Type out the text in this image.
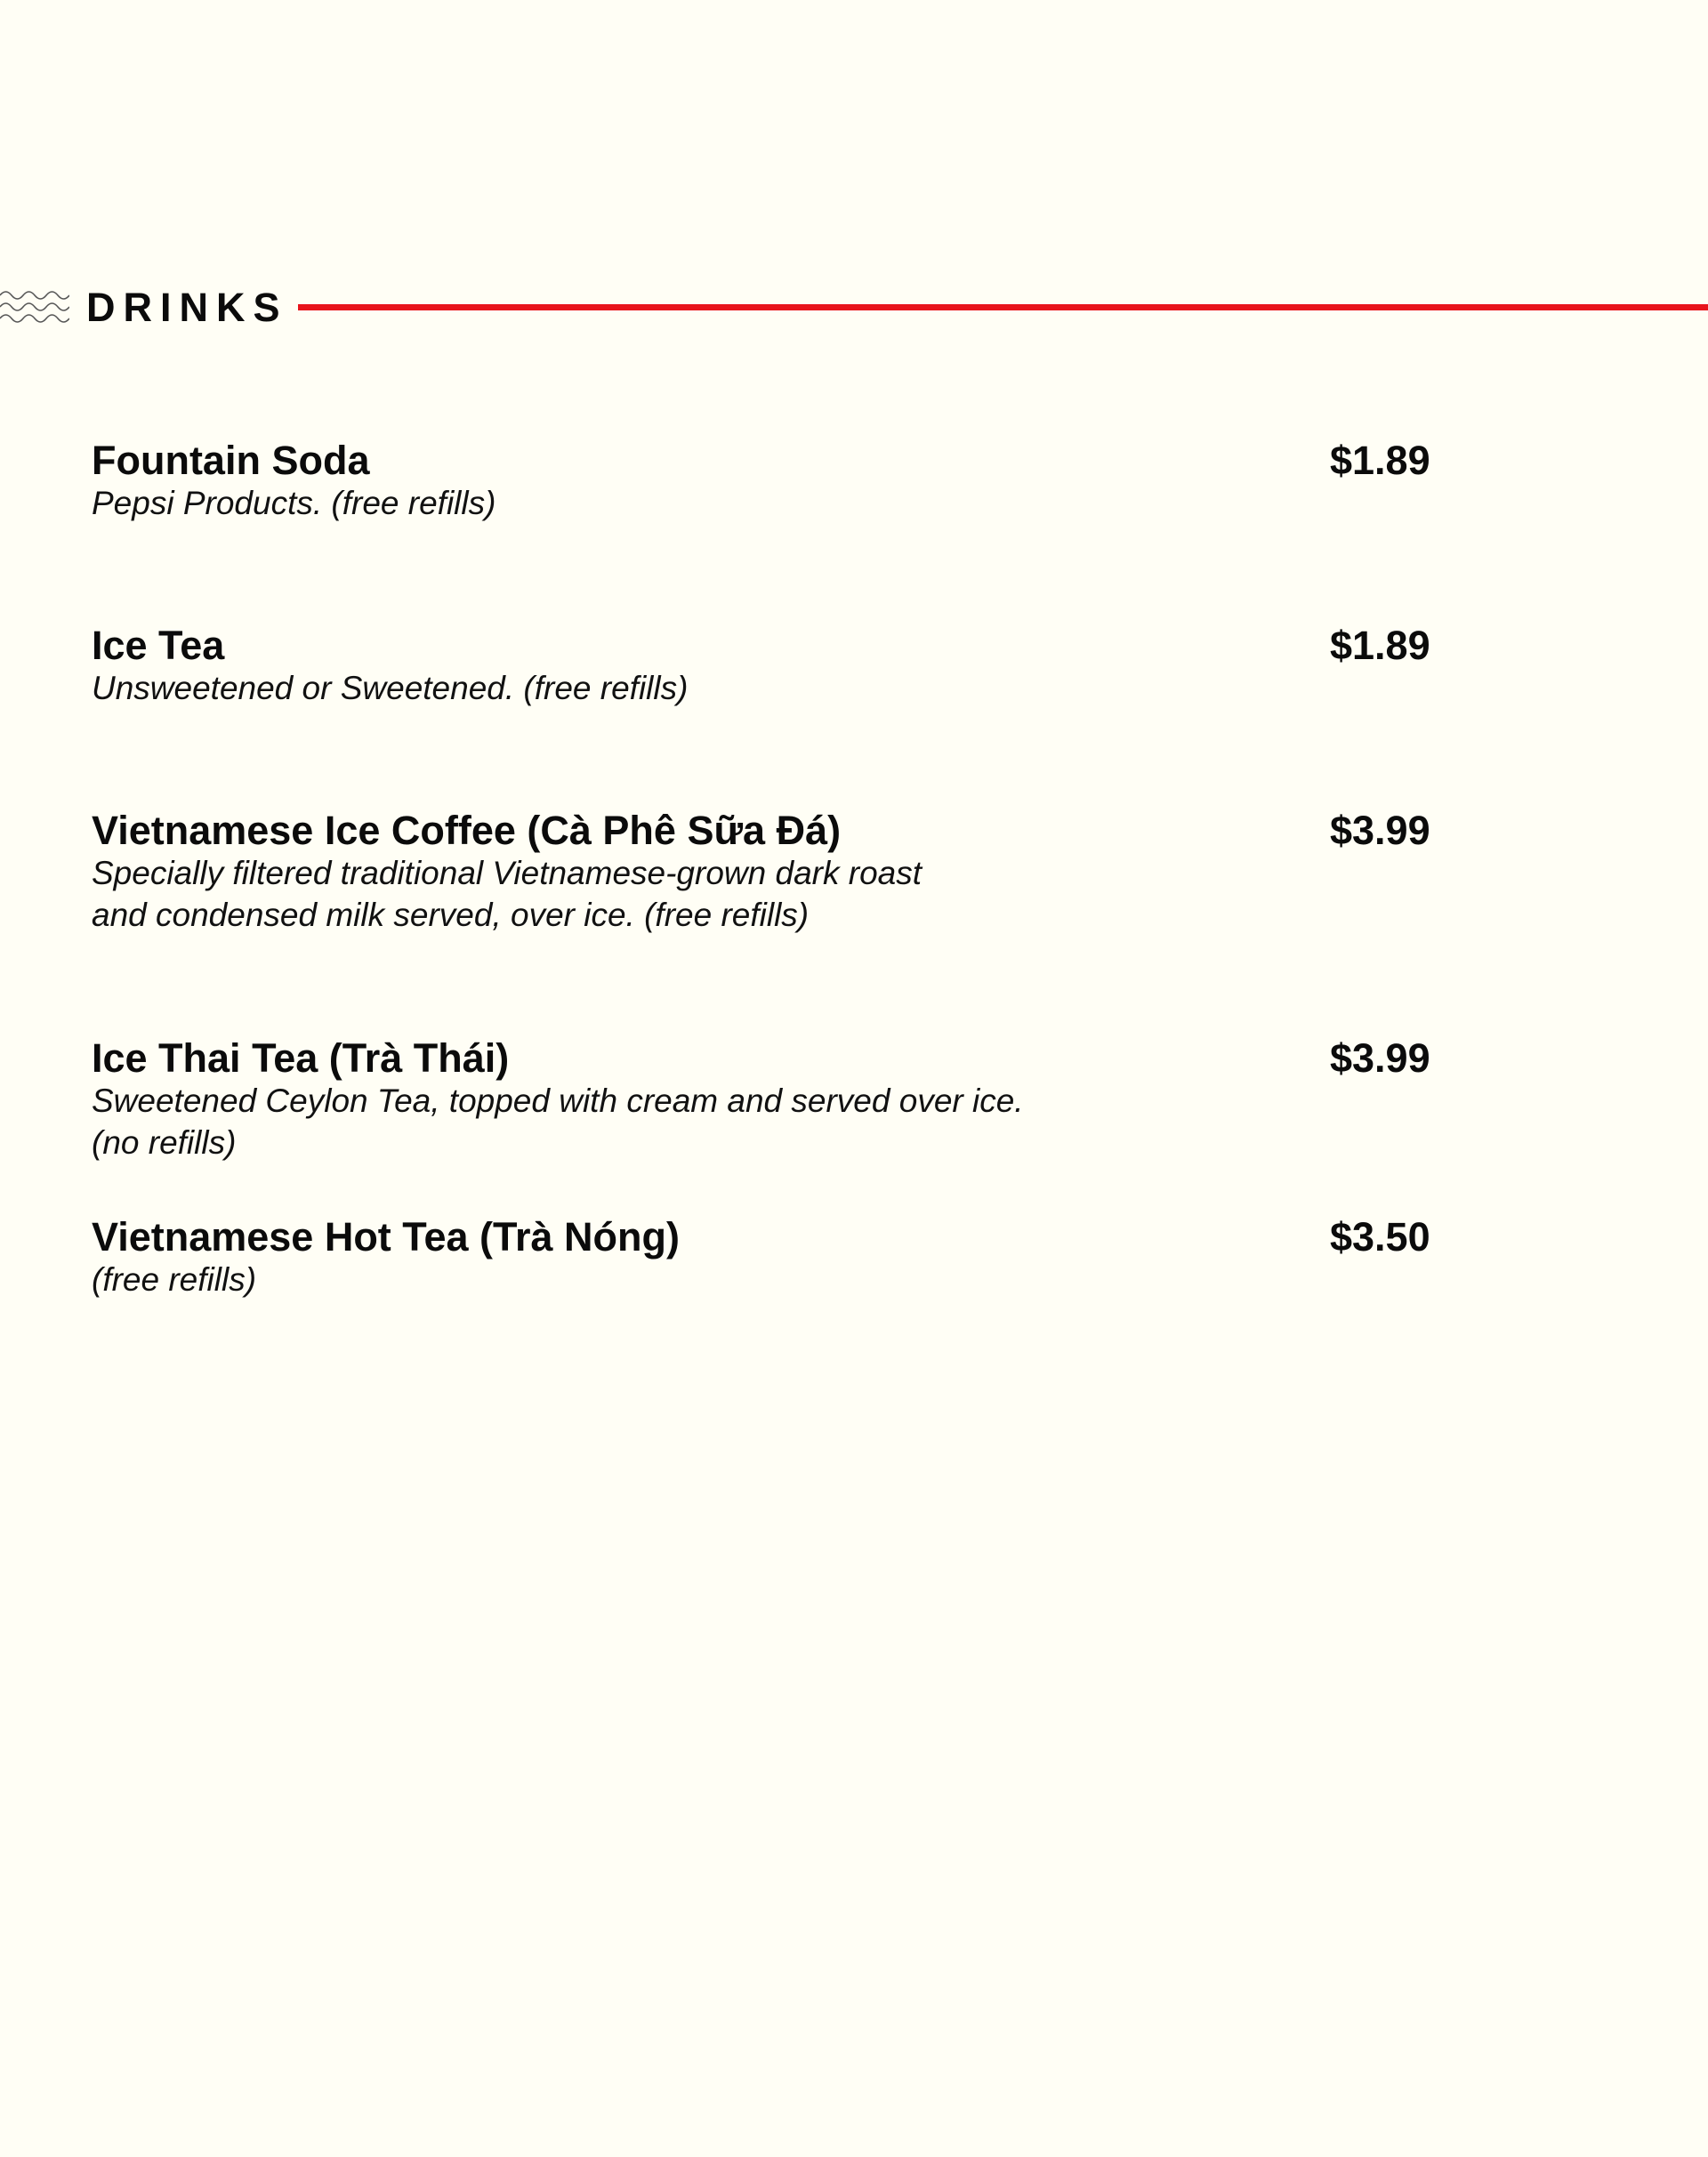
DRINKS
Fountain Soda	$1.89
Pepsi Products. (free refills)
Ice Tea	$1.89
Unsweetened or Sweetened. (free refills)
Vietnamese Ice Coffee (Cà Phê Sữa Đá)	$3.99
Specially filtered traditional Vietnamese-grown dark roast
and condensed milk served, over ice. (free refills)
Ice Thai Tea (Trà Thái)	$3.99
Sweetened Ceylon Tea, topped with cream and served over ice.
(no refills)
Vietnamese Hot Tea (Trà Nóng)	$3.50
(free refills)
